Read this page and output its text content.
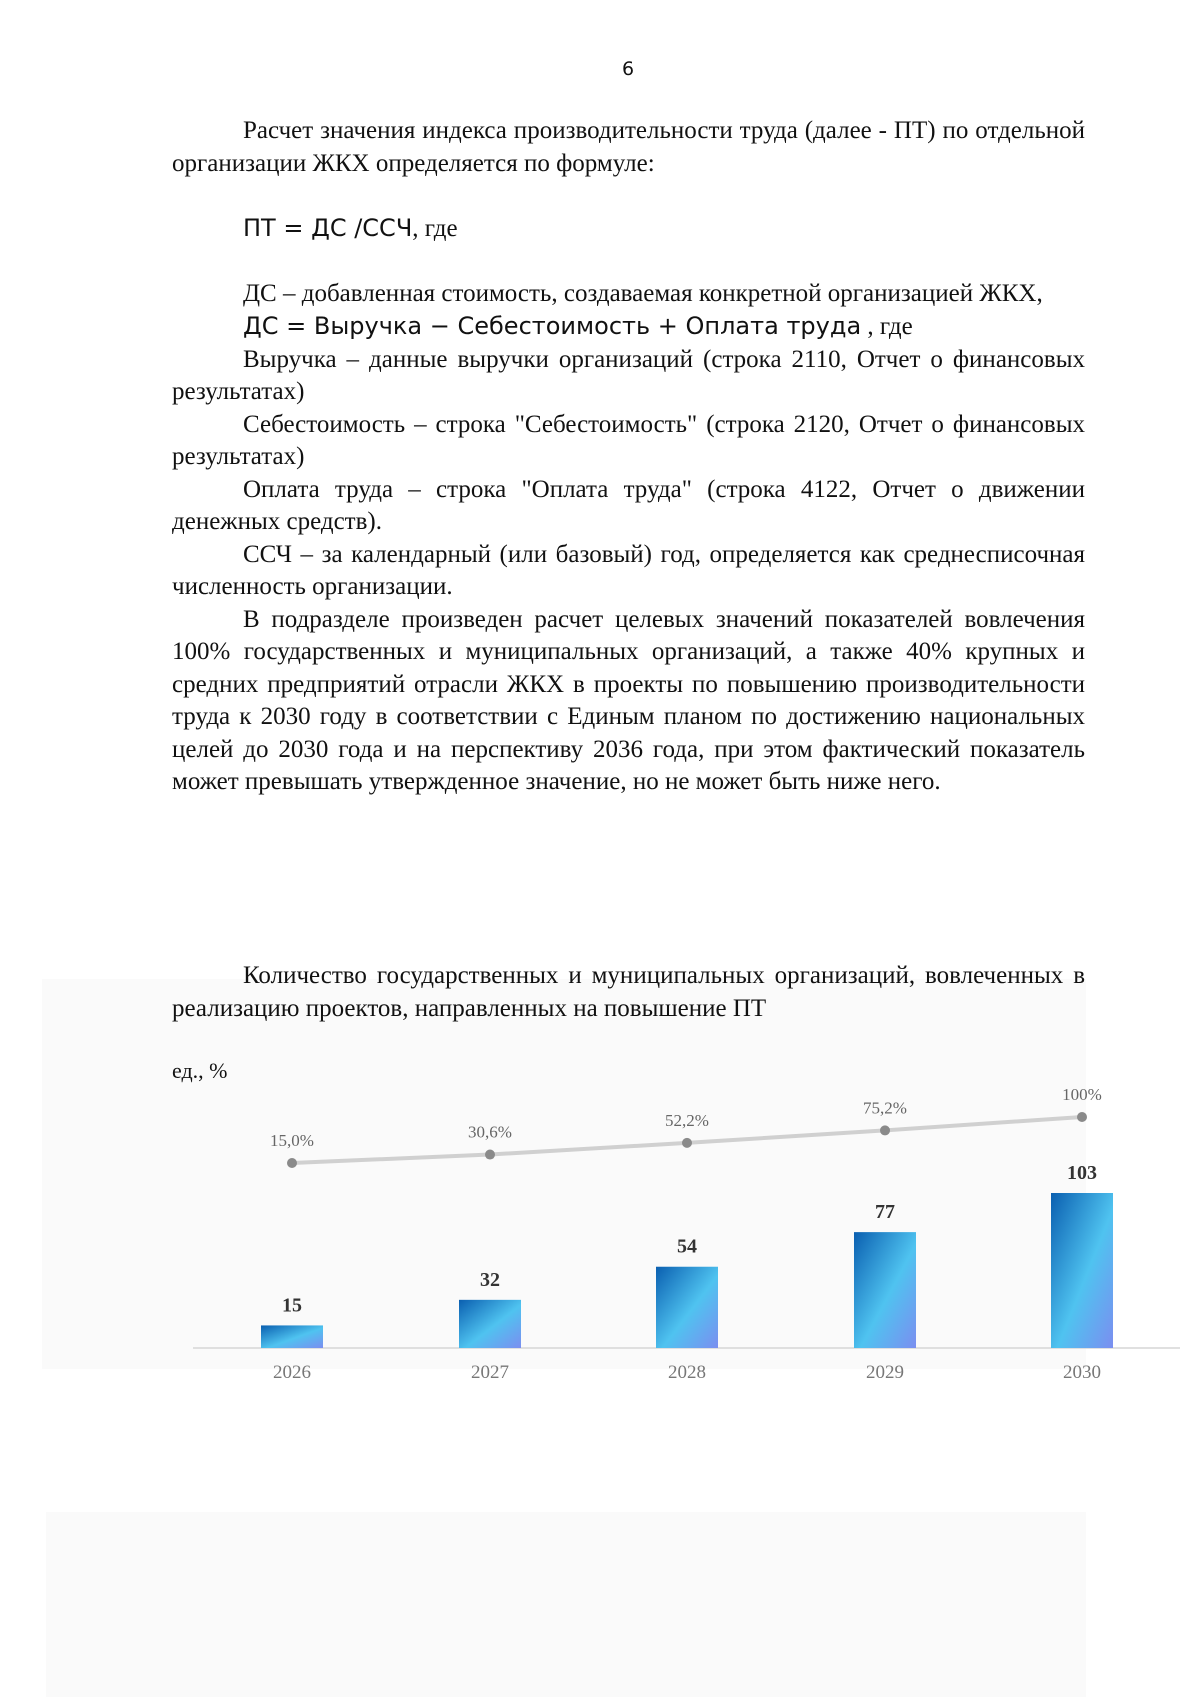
6

Расчет значения индекса производительности труда (далее - ПТ) по отдельной организации ЖКХ определяется по формуле:

ПТ = ДС /ССЧ, где

ДС – добавленная стоимость, создаваемая конкретной организацией ЖКХ,

ДС = Выручка − Себестоимость + Оплата труда , где

Выручка – данные выручки организаций (строка 2110, Отчет о финансовых результатах)

Себестоимость – строка "Себестоимость" (строка 2120, Отчет о финансовых результатах)

Оплата труда – строка "Оплата труда" (строка 4122, Отчет о движении денежных средств).

ССЧ – за календарный (или базовый) год, определяется как среднесписочная численность организации.

В подразделе произведен расчет целевых значений показателей вовлечения 100% государственных и муниципальных организаций, а также 40% крупных и средних предприятий отрасли ЖКХ в проекты по повышению производительности труда к 2030 году в соответствии с Единым планом по достижению национальных целей до 2030 года и на перспективу 2036 года, при этом фактический показатель может превышать утвержденное значение, но не может быть ниже него.

Количество государственных и муниципальных организаций, вовлеченных в реализацию проектов, направленных на повышение ПТ

ед., %
15
32
54
77
103
15,0%	30,6%
52,2%
75,2%
100%
2026	2027	2028	2029	2030
